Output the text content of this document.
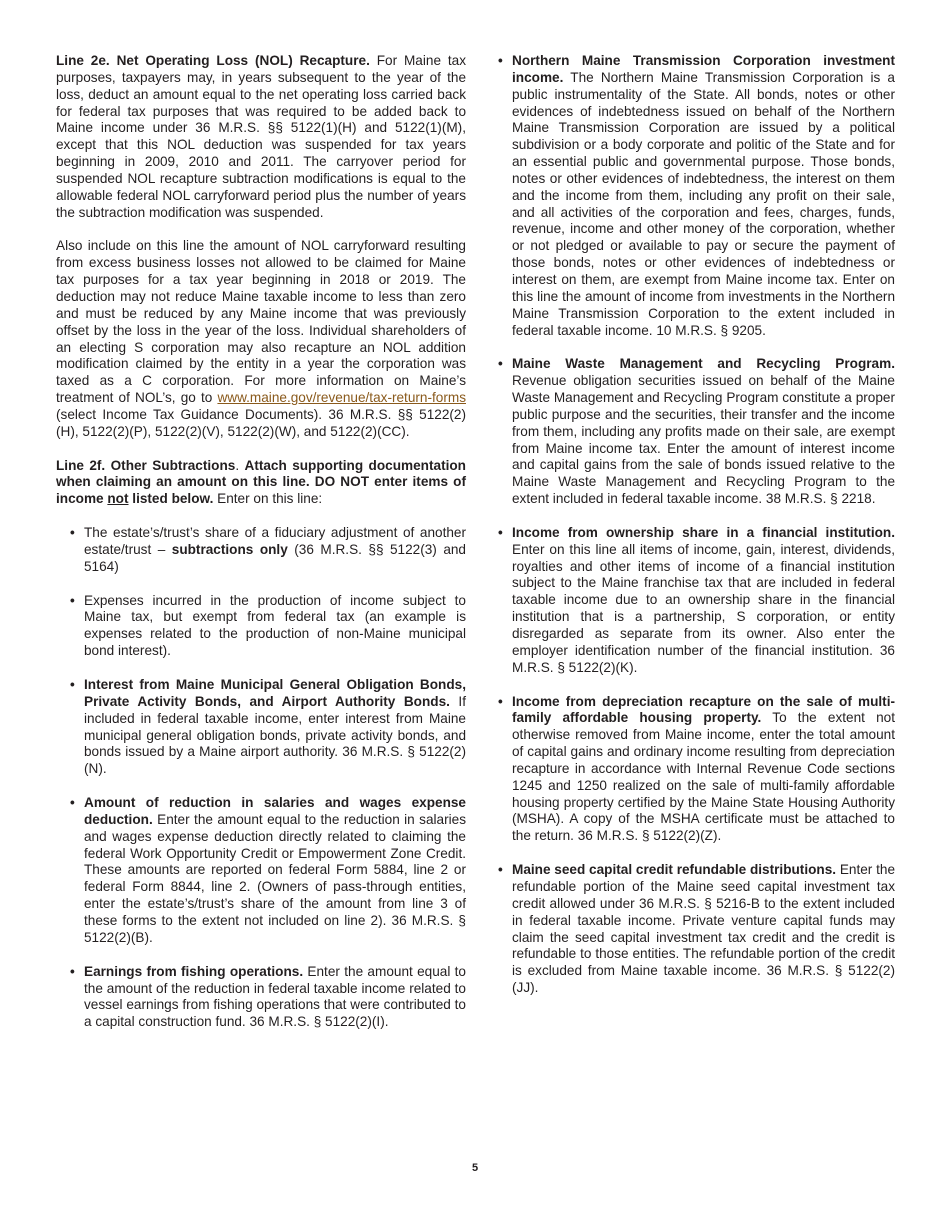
Line 2e. Net Operating Loss (NOL) Recapture. For Maine tax purposes, taxpayers may, in years subsequent to the year of the loss, deduct an amount equal to the net operating loss carried back for federal tax purposes that was required to be added back to Maine income under 36 M.R.S. §§ 5122(1)(H) and 5122(1)(M), except that this NOL deduction was suspended for tax years beginning in 2009, 2010 and 2011. The carryover period for suspended NOL recapture subtraction modifications is equal to the allowable federal NOL carryforward period plus the number of years the subtraction modification was suspended.

Also include on this line the amount of NOL carryforward resulting from excess business losses not allowed to be claimed for Maine tax purposes for a tax year beginning in 2018 or 2019. The deduction may not reduce Maine taxable income to less than zero and must be reduced by any Maine income that was previously offset by the loss in the year of the loss. Individual shareholders of an electing S corporation may also recapture an NOL addition modification claimed by the entity in a year the corporation was taxed as a C corporation. For more information on Maine’s treatment of NOL’s, go to www.maine.gov/revenue/tax-return-forms (select Income Tax Guidance Documents). 36 M.R.S. §§ 5122(2)(H), 5122(2)(P), 5122(2)(V), 5122(2)(W), and 5122(2)(CC).

Line 2f. Other Subtractions. Attach supporting documentation when claiming an amount on this line. DO NOT enter items of income not listed below. Enter on this line:

• The estate’s/trust’s share of a fiduciary adjustment of another estate/trust – subtractions only (36 M.R.S. §§ 5122(3) and 5164)
• Expenses incurred in the production of income subject to Maine tax, but exempt from federal tax (an example is expenses related to the production of non-Maine municipal bond interest).
• Interest from Maine Municipal General Obligation Bonds, Private Activity Bonds, and Airport Authority Bonds. If included in federal taxable income, enter interest from Maine municipal general obligation bonds, private activity bonds, and bonds issued by a Maine airport authority. 36 M.R.S. § 5122(2)(N).
• Amount of reduction in salaries and wages expense deduction. Enter the amount equal to the reduction in salaries and wages expense deduction directly related to claiming the federal Work Opportunity Credit or Empowerment Zone Credit. These amounts are reported on federal Form 5884, line 2 or federal Form 8844, line 2. (Owners of pass-through entities, enter the estate’s/trust’s share of the amount from line 3 of these forms to the extent not included on line 2). 36 M.R.S. § 5122(2)(B).
• Earnings from fishing operations. Enter the amount equal to the amount of the reduction in federal taxable income related to vessel earnings from fishing operations that were contributed to a capital construction fund. 36 M.R.S. § 5122(2)(I).
• Northern Maine Transmission Corporation investment income. The Northern Maine Transmission Corporation is a public instrumentality of the State. All bonds, notes or other evidences of indebtedness issued on behalf of the Northern Maine Transmission Corporation are issued by a political subdivision or a body corporate and politic of the State and for an essential public and governmental purpose. Those bonds, notes or other evidences of indebtedness, the interest on them and the income from them, including any profit on their sale, and all activities of the corporation and fees, charges, funds, revenue, income and other money of the corporation, whether or not pledged or available to pay or secure the payment of those bonds, notes or other evidences of indebtedness or interest on them, are exempt from Maine income tax. Enter on this line the amount of income from investments in the Northern Maine Transmission Corporation to the extent included in federal taxable income. 10 M.R.S. § 9205.
• Maine Waste Management and Recycling Program. Revenue obligation securities issued on behalf of the Maine Waste Management and Recycling Program constitute a proper public purpose and the securities, their transfer and the income from them, including any profits made on their sale, are exempt from Maine income tax. Enter the amount of interest income and capital gains from the sale of bonds issued relative to the Maine Waste Management and Recycling Program to the extent included in federal taxable income. 38 M.R.S. § 2218.
• Income from ownership share in a financial institution. Enter on this line all items of income, gain, interest, dividends, royalties and other items of income of a financial institution subject to the Maine franchise tax that are included in federal taxable income due to an ownership share in the financial institution that is a partnership, S corporation, or entity disregarded as separate from its owner. Also enter the employer identification number of the financial institution. 36 M.R.S. § 5122(2)(K).
• Income from depreciation recapture on the sale of multi-family affordable housing property. To the extent not otherwise removed from Maine income, enter the total amount of capital gains and ordinary income resulting from depreciation recapture in accordance with Internal Revenue Code sections 1245 and 1250 realized on the sale of multi-family affordable housing property certified by the Maine State Housing Authority (MSHA). A copy of the MSHA certificate must be attached to the return. 36 M.R.S. § 5122(2)(Z).
• Maine seed capital credit refundable distributions. Enter the refundable portion of the Maine seed capital investment tax credit allowed under 36 M.R.S. § 5216-B to the extent included in federal taxable income. Private venture capital funds may claim the seed capital investment tax credit and the credit is refundable to those entities. The refundable portion of the credit is excluded from Maine taxable income. 36 M.R.S. § 5122(2)(JJ).
5
